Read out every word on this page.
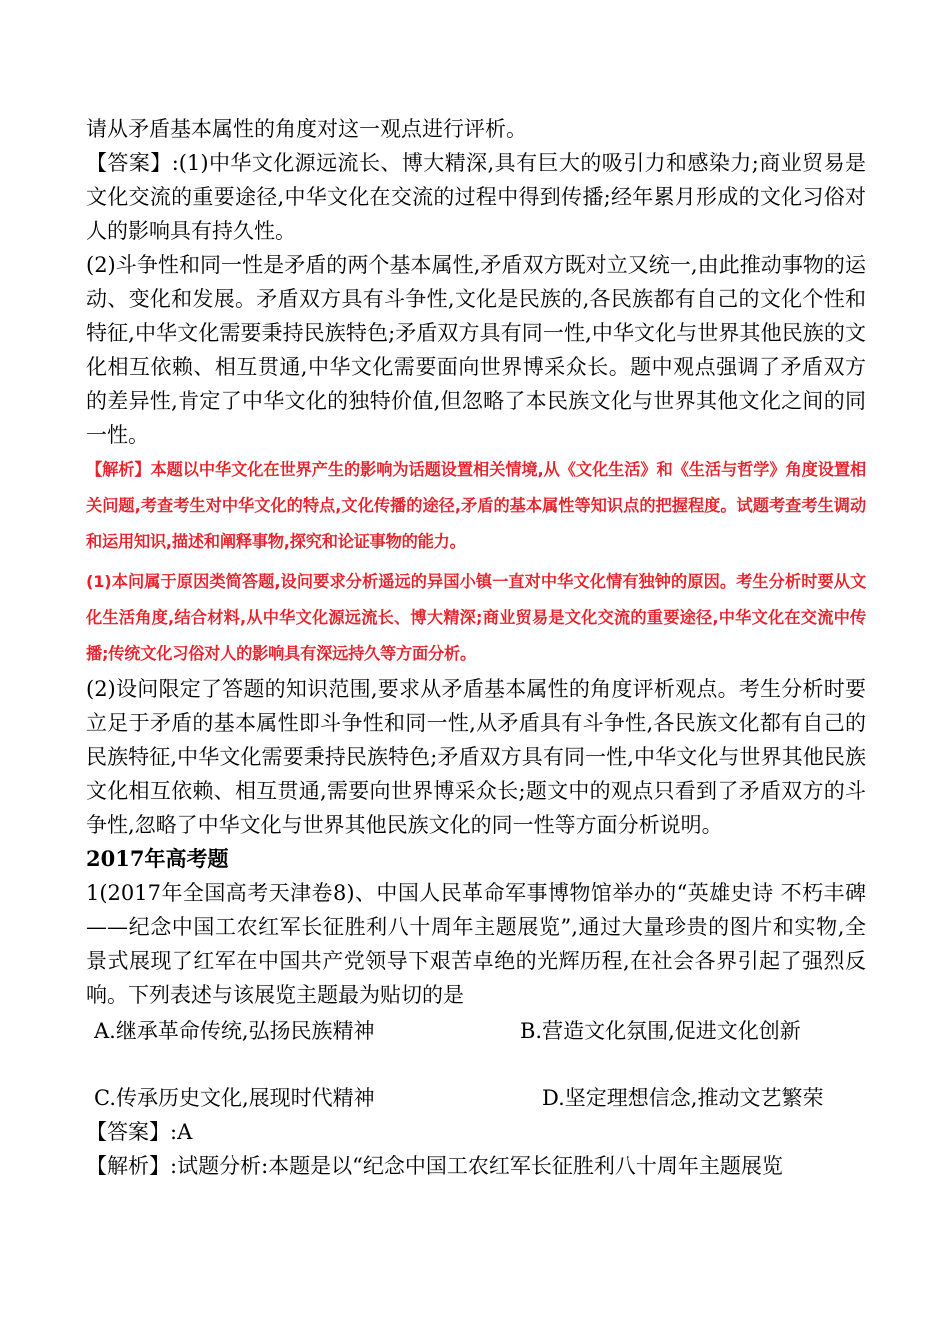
请从矛盾基本属性的角度对这一观点进行评析。

【答案】:(1)中华文化源远流长、博大精深,具有巨大的吸引力和感染力;商业贸易是文化交流的重要途径,中华文化在交流的过程中得到传播;经年累月形成的文化习俗对人的影响具有持久性。

(2)斗争性和同一性是矛盾的两个基本属性,矛盾双方既对立又统一,由此推动事物的运动、变化和发展。矛盾双方具有斗争性,文化是民族的,各民族都有自己的文化个性和特征,中华文化需要秉持民族特色;矛盾双方具有同一性,中华文化与世界其他民族的文化相互依赖、相互贯通,中华文化需要面向世界博采众长。题中观点强调了矛盾双方的差异性,肯定了中华文化的独特价值,但忽略了本民族文化与世界其他文化之间的同一性。

【解析】本题以中华文化在世界产生的影响为话题设置相关情境,从《文化生活》和《生活与哲学》角度设置相关问题,考查考生对中华文化的特点,文化传播的途径,矛盾的基本属性等知识点的把握程度。试题考查考生调动和运用知识,描述和阐释事物,探究和论证事物的能力。

(1)本问属于原因类简答题,设问要求分析遥远的异国小镇一直对中华文化情有独钟的原因。考生分析时要从文化生活角度,结合材料,从中华文化源远流长、博大精深;商业贸易是文化交流的重要途径,中华文化在交流中传播;传统文化习俗对人的影响具有深远持久等方面分析。

(2)设问限定了答题的知识范围,要求从矛盾基本属性的角度评析观点。考生分析时要立足于矛盾的基本属性即斗争性和同一性,从矛盾具有斗争性,各民族文化都有自己的民族特征,中华文化需要秉持民族特色;矛盾双方具有同一性,中华文化与世界其他民族文化相互依赖、相互贯通,需要向世界博采众长;题文中的观点只看到了矛盾双方的斗争性,忽略了中华文化与世界其他民族文化的同一性等方面分析说明。

2017年高考题

1(2017年全国高考天津卷8)、中国人民革命军事博物馆举办的“英雄史诗 不朽丰碑——纪念中国工农红军长征胜利八十周年主题展览”,通过大量珍贵的图片和实物,全景式展现了红军在中国共产党领导下艰苦卓绝的光辉历程,在社会各界引起了强烈反响。下列表述与该展览主题最为贴切的是

A.继承革命传统,弘扬民族精神	B.营造文化氛围,促进文化创新
C.传承历史文化,展现时代精神	D.坚定理想信念,推动文艺繁荣

【答案】:A

【解析】:试题分析:本题是以“纪念中国工农红军长征胜利八十周年主题展览
